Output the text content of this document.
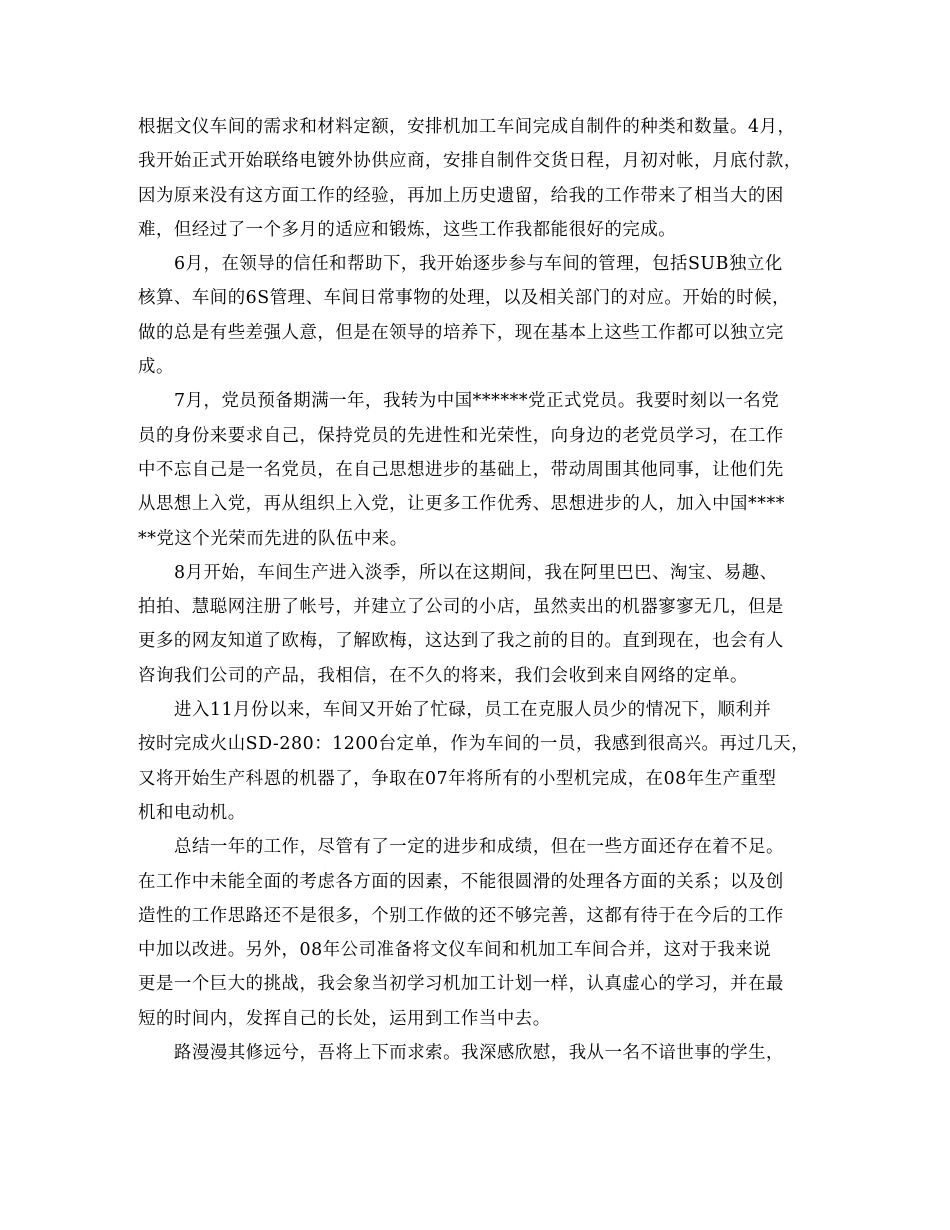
根据文仪车间的需求和材料定额，安排机加工车间完成自制件的种类和数量。4月，
我开始正式开始联络电镀外协供应商，安排自制件交货日程，月初对帐，月底付款，
因为原来没有这方面工作的经验，再加上历史遗留，给我的工作带来了相当大的困
难，但经过了一个多月的适应和锻炼，这些工作我都能很好的完成。
6月，在领导的信任和帮助下，我开始逐步参与车间的管理，包括SUB独立化
核算、车间的6S管理、车间日常事物的处理，以及相关部门的对应。开始的时候，
做的总是有些差强人意，但是在领导的培养下，现在基本上这些工作都可以独立完
成。
7月，党员预备期满一年，我转为中国******党正式党员。我要时刻以一名党
员的身份来要求自己，保持党员的先进性和光荣性，向身边的老党员学习，在工作
中不忘自己是一名党员，在自己思想进步的基础上，带动周围其他同事，让他们先
从思想上入党，再从组织上入党，让更多工作优秀、思想进步的人，加入中国****
**党这个光荣而先进的队伍中来。
8月开始，车间生产进入淡季，所以在这期间，我在阿里巴巴、淘宝、易趣、
拍拍、慧聪网注册了帐号，并建立了公司的小店，虽然卖出的机器寥寥无几，但是
更多的网友知道了欧梅，了解欧梅，这达到了我之前的目的。直到现在，也会有人
咨询我们公司的产品，我相信，在不久的将来，我们会收到来自网络的定单。
进入11月份以来，车间又开始了忙碌，员工在克服人员少的情况下，顺利并
按时完成火山SD-280：1200台定单，作为车间的一员，我感到很高兴。再过几天，
又将开始生产科恩的机器了，争取在07年将所有的小型机完成，在08年生产重型
机和电动机。
总结一年的工作，尽管有了一定的进步和成绩，但在一些方面还存在着不足。
在工作中未能全面的考虑各方面的因素，不能很圆滑的处理各方面的关系；以及创
造性的工作思路还不是很多，个别工作做的还不够完善，这都有待于在今后的工作
中加以改进。另外，08年公司准备将文仪车间和机加工车间合并，这对于我来说
更是一个巨大的挑战，我会象当初学习机加工计划一样，认真虚心的学习，并在最
短的时间内，发挥自己的长处，运用到工作当中去。
路漫漫其修远兮，吾将上下而求索。我深感欣慰，我从一名不谙世事的学生，
